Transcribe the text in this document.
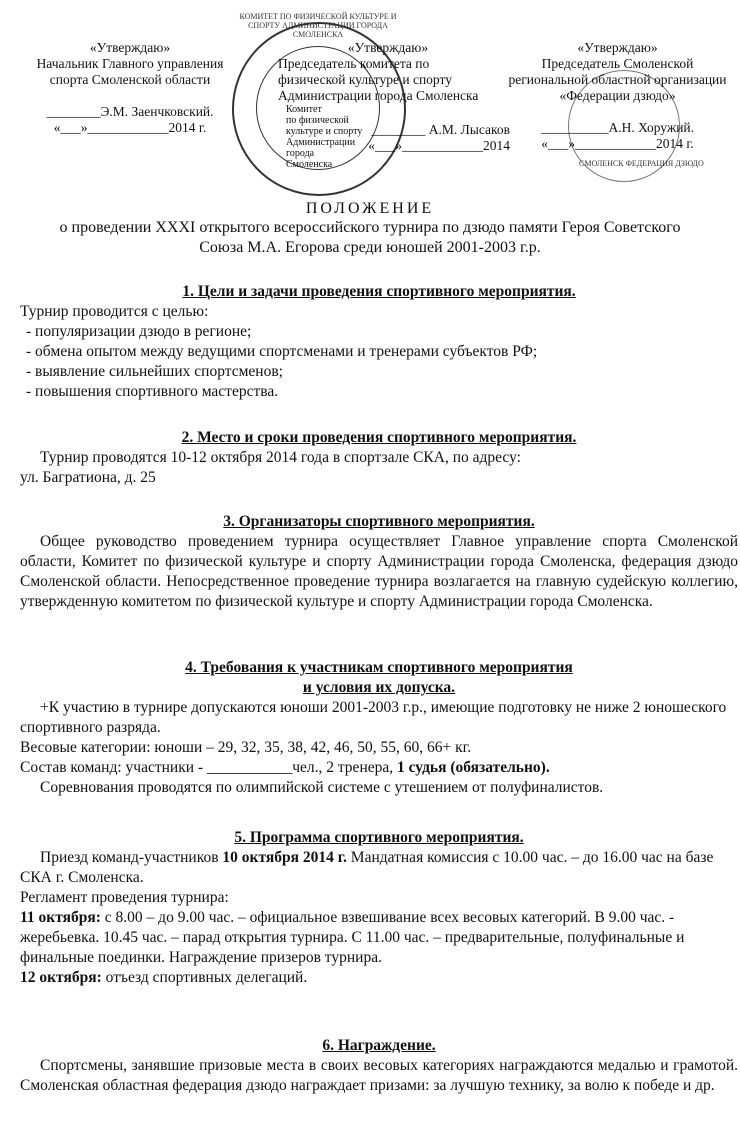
«Утверждаю»
Начальник Главного управления
спорта Смоленской области
________Э.М. Заенчковский.
«___»____________2014 г.
КОМИТЕТ ПО ФИЗИЧЕСКОЙ КУЛЬТУРЕ И СПОРТУ АДМИНИСТРАЦИИ ГОРОДА СМОЛЕНСКА
«Утверждаю»
Председатель комитета по
физической культуре и спорту
Администрации города Смоленска
Комитет
по физической
культуре и спорту
Администрации
города
Смоленска
________ А.М. Лысаков
«___»____________2014
СМОЛЕНСК ФЕДЕРАЦИЯ ДЗЮДО
«Утверждаю»
Председатель Смоленской
региональной областной организации
«Федерации дзюдо»
__________А.Н. Хоружий.
«___»____________2014 г.
ПОЛОЖЕНИЕ
о проведении XXXI открытого всероссийского турнира по дзюдо памяти Героя Советского Союза М.А. Егорова среди юношей 2001-2003 г.р.
1. Цели и задачи проведения спортивного мероприятия.
Турнир проводится с целью:
- популяризации дзюдо в регионе;
- обмена опытом между ведущими спортсменами и тренерами субъектов РФ;
- выявление сильнейших спортсменов;
- повышения спортивного мастерства.
2. Место и сроки проведения спортивного мероприятия.
Турнир проводятся 10-12 октября 2014 года в спортзале СКА, по адресу:
ул. Багратиона, д. 25
3. Организаторы спортивного мероприятия.
Общее руководство проведением турнира осуществляет Главное управление спорта Смоленской области, Комитет по физической культуре и спорту Администрации города Смоленска, федерация дзюдо Смоленской области. Непосредственное проведение турнира возлагается на главную судейскую коллегию, утвержденную комитетом по физической культуре и спорту Администрации города Смоленска.
4. Требования к участникам спортивного мероприятия
и условия их допуска.
+К участию в турнире допускаются юноши 2001-2003 г.р., имеющие подготовку не ниже 2 юношеского спортивного разряда.
Весовые категории: юноши – 29, 32, 35, 38, 42, 46, 50, 55, 60, 66+ кг.
Состав команд: участники - ___________чел., 2 тренера, 1 судья (обязательно).
Соревнования проводятся по олимпийской системе с утешением от полуфиналистов.
5. Программа спортивного мероприятия.
Приезд команд-участников 10 октября 2014 г. Мандатная комиссия с 10.00 час. – до 16.00 час на базе СКА г. Смоленска.
Регламент проведения турнира:
11 октября: с 8.00 – до 9.00 час. – официальное взвешивание всех весовых категорий. В 9.00 час. - жеребьевка. 10.45 час. – парад открытия турнира. С 11.00 час. – предварительные, полуфинальные и финальные поединки. Награждение призеров турнира.
12 октября: отъезд спортивных делегаций.
6. Награждение.
Спортсмены, занявшие призовые места в своих весовых категориях награждаются медалью и грамотой. Смоленская областная федерация дзюдо награждает призами: за лучшую технику, за волю к победе и др.
